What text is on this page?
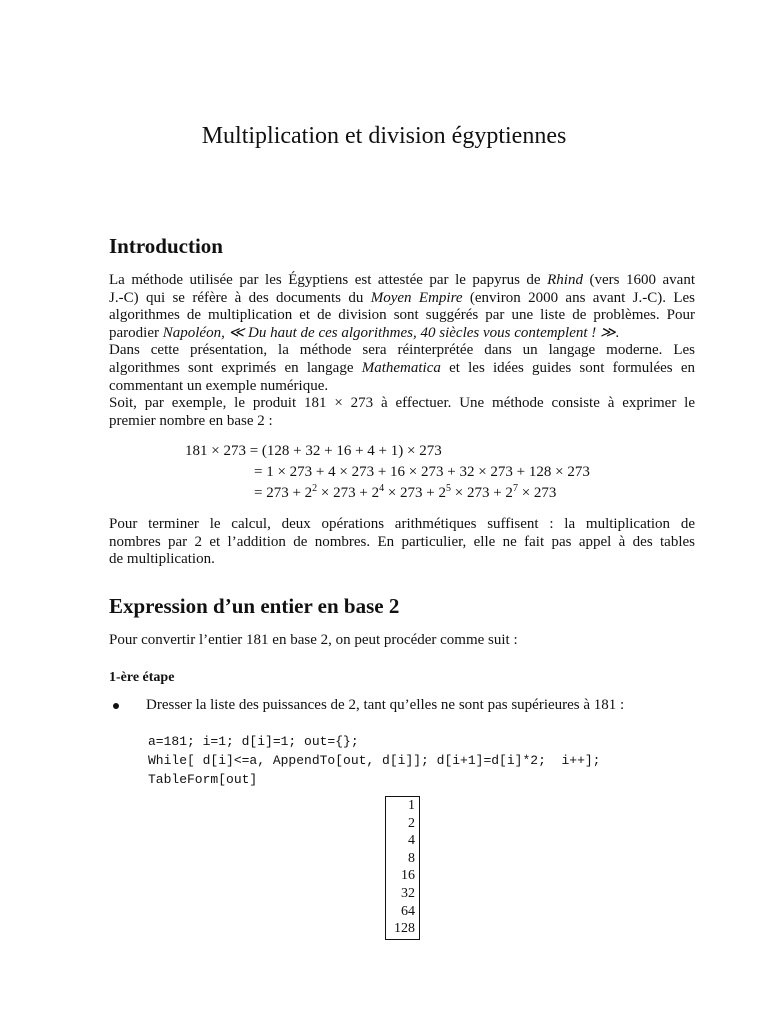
Multiplication et division égyptiennes
Introduction
La méthode utilisée par les Égyptiens est attestée par le papyrus de Rhind (vers 1600 avant
J.-C) qui se réfère à des documents du Moyen Empire (environ 2000 ans avant J.-C). Les
algorithmes de multiplication et de division sont suggérés par une liste de problèmes. Pour
parodier Napoléon, ≪ Du haut de ces algorithmes, 40 siècles vous contemplent ! ≫.
Dans cette présentation, la méthode sera réinterprétée dans un langage moderne. Les
algorithmes sont exprimés en langage Mathematica et les idées guides sont formulées en
commentant un exemple numérique.
Soit, par exemple, le produit 181 × 273 à effectuer. Une méthode consiste à exprimer le
premier nombre en base 2 :
181 × 273 = (128 + 32 + 16 + 4 + 1) × 273
= 1 × 273 + 4 × 273 + 16 × 273 + 32 × 273 + 128 × 273
= $273 + 2^2 \times 273 + 2^4 \times 273 + 2^5 \times 273 + 2^7 \times 273$
Pour terminer le calcul, deux opérations arithmétiques suffisent : la multiplication de
nombres par 2 et l’addition de nombres. En particulier, elle ne fait pas appel à des tables
de multiplication.
Expression d’un entier en base 2
Pour convertir l’entier 181 en base 2, on peut procéder comme suit :
1-ère étape
Dresser la liste des puissances de 2, tant qu’elles ne sont pas supérieures à 181 :
a=181; i=1; d[i]=1; out={};
While[ d[i]<=a, AppendTo[out, d[i]]; d[i+1]=d[i]*2;  i++];
TableForm[out]
1
2
4
8
16
32
64
128
